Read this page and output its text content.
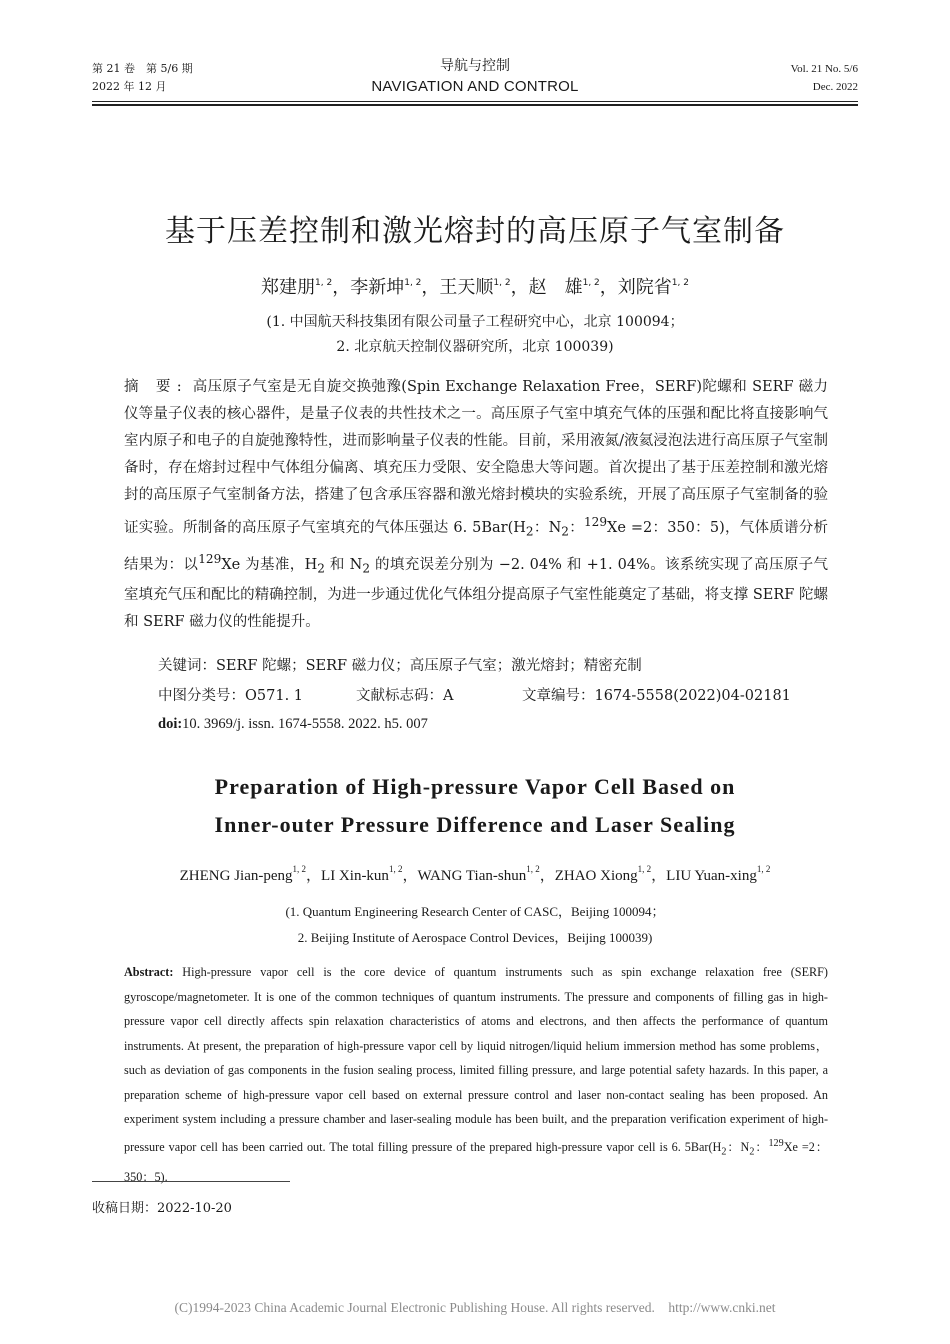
第 21 卷　第 5/6 期
2022 年 12 月
导航与控制
NAVIGATION AND CONTROL
Vol. 21 No. 5/6
Dec. 2022
基于压差控制和激光熔封的高压原子气室制备
郑建朋$^{1, 2}$，李新坤$^{1, 2}$，王天顺$^{1, 2}$，赵　雄$^{1, 2}$，刘院省$^{1, 2}$
(1. 中国航天科技集团有限公司量子工程研究中心，北京 100094；
2. 北京航天控制仪器研究所，北京 100039)
摘 要: 高压原子气室是无自旋交换弛豫(Spin Exchange Relaxation Free，SERF)陀螺和 SERF 磁力仪等量子仪表的核心器件，是量子仪表的共性技术之一。高压原子气室中填充气体的压强和配比将直接影响气室内原子和电子的自旋弛豫特性，进而影响量子仪表的性能。目前，采用液氮/液氦浸泡法进行高压原子气室制备时，存在熔封过程中气体组分偏离、填充压力受限、安全隐患大等问题。首次提出了基于压差控制和激光熔封的高压原子气室制备方法，搭建了包含承压容器和激光熔封模块的实验系统，开展了高压原子气室制备的验证实验。所制备的高压原子气室填充的气体压强达 6. $5Bar(H_2$：$N_2$：$^{129}$Xe =2：350：5)，气体质谱分析结果为：以$^{129}$Xe 为基准，$H_2$ 和 $N_2$ 的填充误差分别为 −2. 04% 和 +1. 04%。该系统实现了高压原子气室填充气压和配比的精确控制，为进一步通过优化气体组分提高原子气室性能奠定了基础，将支撑 SERF 陀螺和 SERF 磁力仪的性能提升。
关键词：SERF 陀螺；SERF 磁力仪；高压原子气室；激光熔封；精密充制
中图分类号：O571. 1	文献标志码：A	文章编号：1674-5558(2022)04-02181
doi:10. 3969/j. issn. 1674-5558. 2022. h5. 007
Preparation of High-pressure Vapor Cell Based on
Inner-outer Pressure Difference and Laser Sealing
ZHENG Jian-peng$^{1, 2}$，LI Xin-kun$^{1, 2}$，WANG Tian-shun$^{1, 2}$，ZHAO Xiong$^{1, 2}$，LIU Yuan-xing$^{1, 2}$
(1. Quantum Engineering Research Center of CASC，Beijing 100094；
2. Beijing Institute of Aerospace Control Devices，Beijing 100039)
Abstract: High-pressure vapor cell is the core device of quantum instruments such as spin exchange relaxation free (SERF) gyroscope/magnetometer. It is one of the common techniques of quantum instruments. The pressure and components of filling gas in high-pressure vapor cell directly affects spin relaxation characteristics of atoms and electrons, and then affects the performance of quantum instruments. At present, the preparation of high-pressure vapor cell by liquid nitrogen/liquid helium immersion method has some problems，such as deviation of gas components in the fusion sealing process, limited filling pressure, and large potential safety hazards. In this paper, a preparation scheme of high-pressure vapor cell based on external pressure control and laser non-contact sealing has been proposed. An experiment system including a pressure chamber and laser-sealing module has been built, and the preparation verification experiment of high-pressure vapor cell has been carried out. The total filling pressure of the prepared high-pressure vapor cell is 6. $5Bar(H_2$：$N_2$：$^{129}$Xe =2：350：5).
收稿日期：2022-10-20
(C)1994-2023 China Academic Journal Electronic Publishing House. All rights reserved.　http://www.cnki.net
